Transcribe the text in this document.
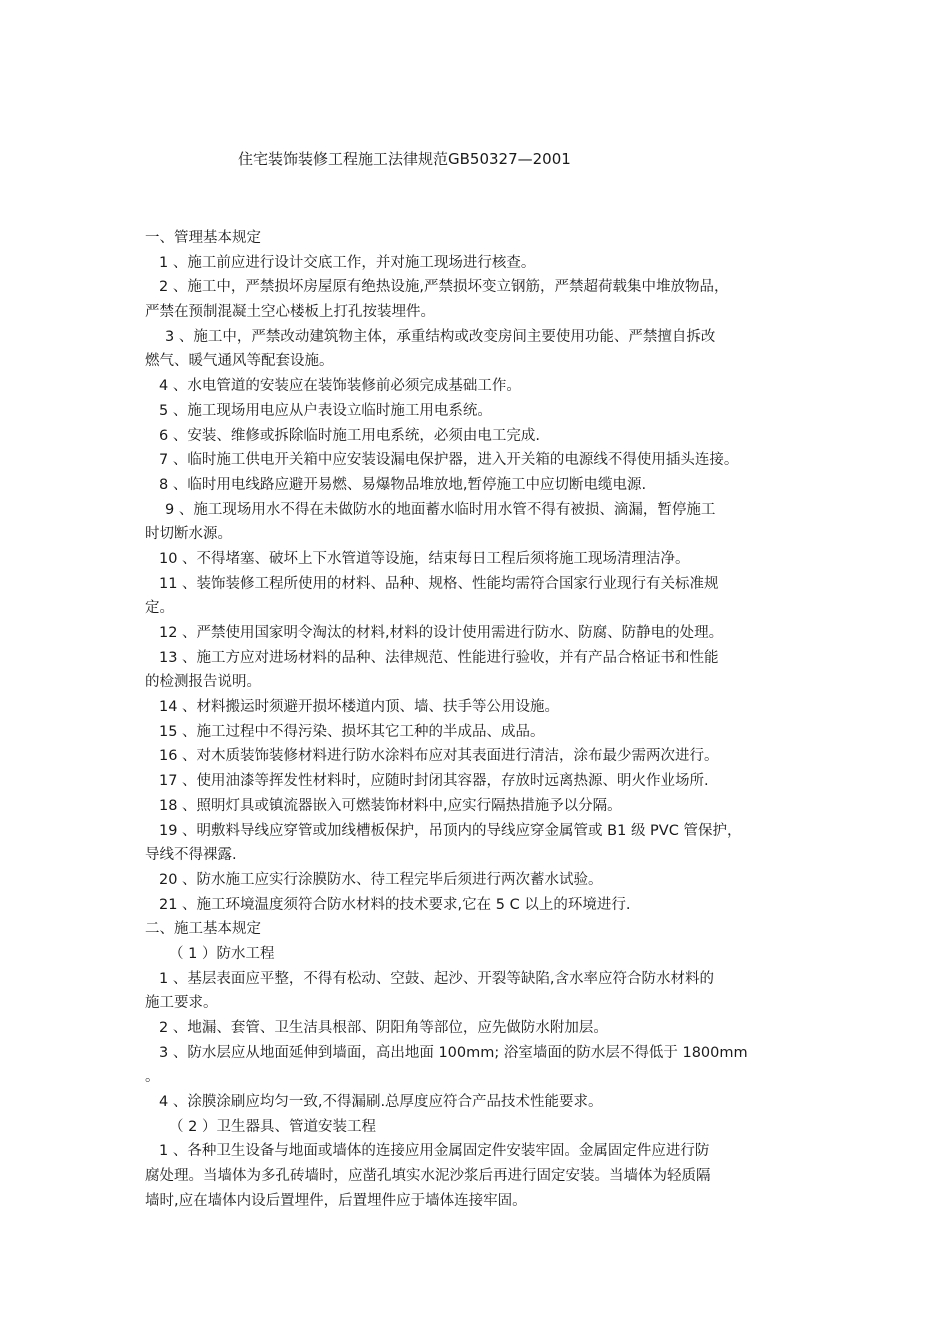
住宅装饰装修工程施工法律规范GB50327—2001
一、管理基本规定
1 、施工前应进行设计交底工作，并对施工现场进行核查。
2 、施工中，严禁损坏房屋原有绝热设施,严禁损坏变立钢筋，严禁超荷载集中堆放物品，
严禁在预制混凝土空心楼板上打孔按装埋件。
3 、施工中，严禁改动建筑物主体，承重结构或改变房间主要使用功能、严禁擅自拆改
燃气、暖气通风等配套设施。
4 、水电管道的安装应在装饰装修前必须完成基础工作。
5 、施工现场用电应从户表设立临时施工用电系统。
6 、安装、维修或拆除临时施工用电系统，必须由电工完成.
7 、临时施工供电开关箱中应安装设漏电保护器，进入开关箱的电源线不得使用插头连接。
8 、临时用电线路应避开易燃、易爆物品堆放地,暂停施工中应切断电缆电源.
9 、施工现场用水不得在未做防水的地面蓄水临时用水管不得有被损、滴漏，暂停施工
时切断水源。
10 、不得堵塞、破坏上下水管道等设施，结束每日工程后须将施工现场清理洁净。
11 、装饰装修工程所使用的材料、品种、规格、性能均需符合国家行业现行有关标准规
定。
12 、严禁使用国家明令淘汰的材料,材料的设计使用需进行防水、防腐、防静电的处理。
13 、施工方应对进场材料的品种、法律规范、性能进行验收，并有产品合格证书和性能
的检测报告说明。
14 、材料搬运时须避开损坏楼道内顶、墙、扶手等公用设施。
15 、施工过程中不得污染、损坏其它工种的半成品、成品。
16 、对木质装饰装修材料进行防水涂料布应对其表面进行清洁，涂布最少需两次进行。
17 、使用油漆等挥发性材料时，应随时封闭其容器，存放时远离热源、明火作业场所.
18 、照明灯具或镇流器嵌入可燃装饰材料中,应实行隔热措施予以分隔。
19 、明敷料导线应穿管或加线槽板保护，吊顶内的导线应穿金属管或 B1 级 PVC 管保护，
导线不得裸露.
20 、防水施工应实行涂膜防水、待工程完毕后须进行两次蓄水试验。
21 、施工环境温度须符合防水材料的技术要求,它在 5 C 以上的环境进行.
二、施工基本规定
（ 1 ）防水工程
1 、基层表面应平整，不得有松动、空鼓、起沙、开裂等缺陷,含水率应符合防水材料的
施工要求。
2 、地漏、套管、卫生洁具根部、阴阳角等部位，应先做防水附加层。
3 、防水层应从地面延伸到墙面，高出地面 100mm; 浴室墙面的防水层不得低于 1800mm
。
4 、涂膜涂刷应均匀一致,不得漏刷.总厚度应符合产品技术性能要求。
（ 2 ）卫生器具、管道安装工程
1 、各种卫生设备与地面或墙体的连接应用金属固定件安装牢固。金属固定件应进行防
腐处理。当墙体为多孔砖墙时，应凿孔填实水泥沙浆后再进行固定安装。当墙体为轻质隔
墙时,应在墙体内设后置埋件，后置埋件应于墙体连接牢固。
